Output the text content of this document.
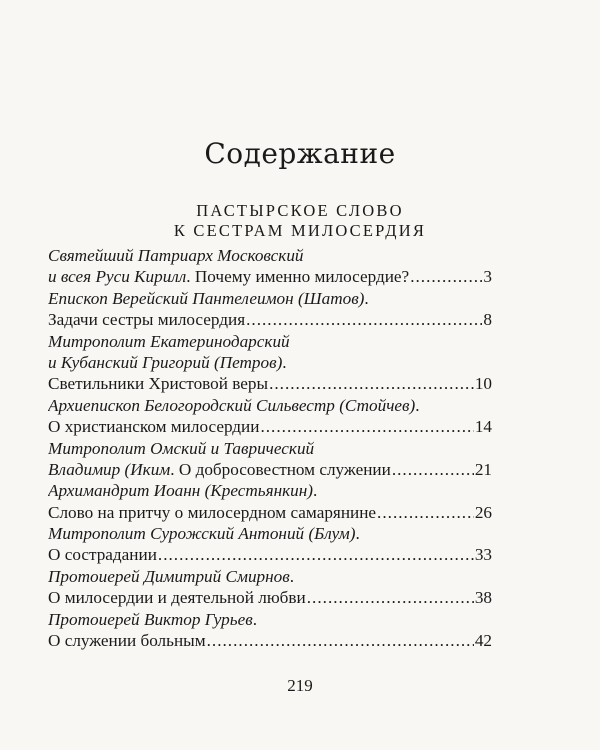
Содержание
ПАСТЫРСКОЕ СЛОВО
К СЕСТРАМ МИЛОСЕРДИЯ
Святейший Патриарх Московский
и всея Руси Кирилл. Почему именно милосердие? .....	3
Епископ Верейский Пантелеимон (Шатов).
Задачи сестры милосердия .....	8
Митрополит Екатеринодарский
и Кубанский Григорий (Петров).
Светильники Христовой веры .....	10
Архиепископ Белогородский Сильвестр (Стойчев).
О христианском милосердии .....	14
Митрополит Омский и Таврический
Владимир (Иким. О добросовестном служении .....	21
Архимандрит Иоанн (Крестьянкин).
Слово на притчу о милосердном самарянине .....	26
Митрополит Сурожский Антоний (Блум).
О сострадании .....	33
Протоиерей Димитрий Смирнов.
О милосердии и деятельной любви .....	38
Протоиерей Виктор Гурьев.
О служении больным .....	42
219
